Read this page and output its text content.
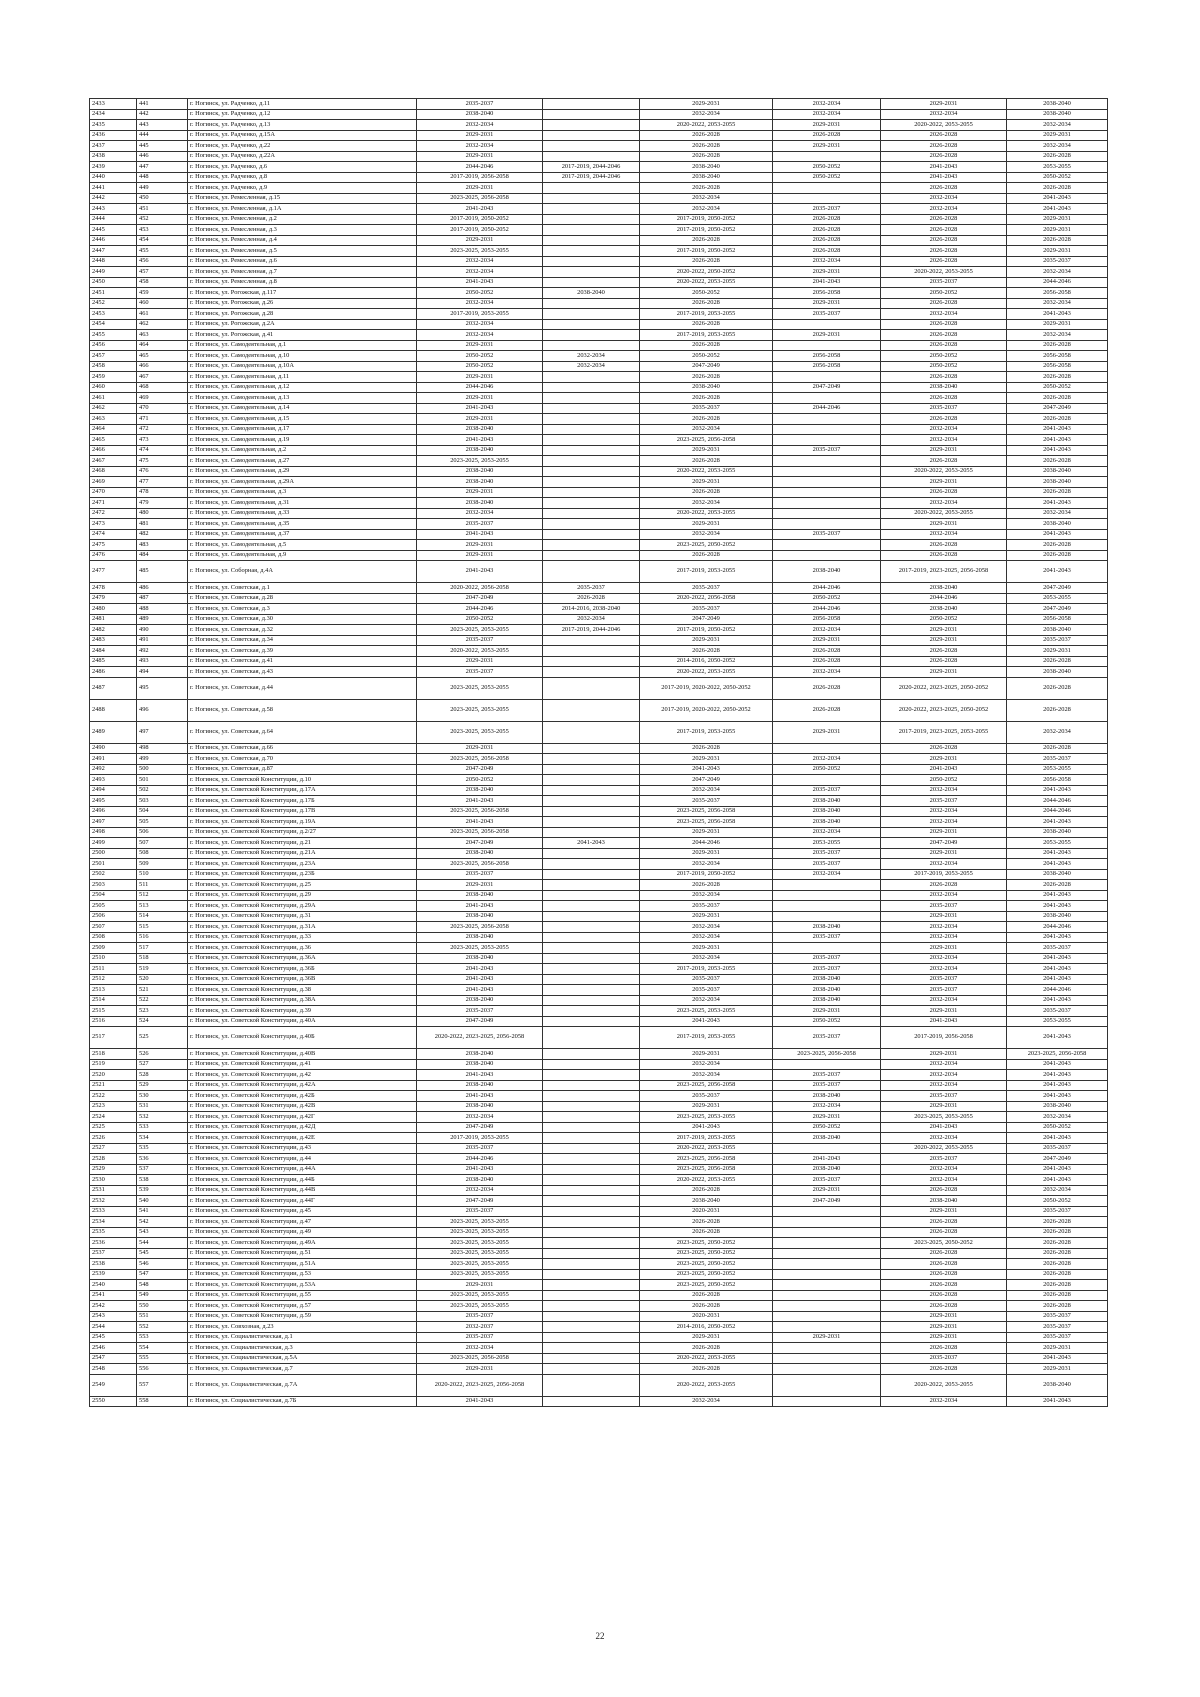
2433	441	г. Ногинск, ул. Радченко, д.11	2035-2037		2029-2031	2032-2034	2029-2031	2038-2040
2434	442	г. Ногинск, ул. Радченко, д.12	2038-2040		2032-2034	2032-2034	2032-2034	2038-2040
2435	443	г. Ногинск, ул. Радченко, д.13	2032-2034		2020-2022, 2053-2055	2029-2031	2020-2022, 2053-2055	2032-2034
2436	444	г. Ногинск, ул. Радченко, д.15А	2029-2031		2026-2028	2026-2028	2026-2028	2029-2031
2437	445	г. Ногинск, ул. Радченко, д.22	2032-2034		2026-2028	2029-2031	2026-2028	2032-2034
2438	446	г. Ногинск, ул. Радченко, д.22А	2029-2031		2026-2028		2026-2028	2026-2028
2439	447	г. Ногинск, ул. Радченко, д.6	2044-2046	2017-2019, 2044-2046	2038-2040	2050-2052	2041-2043	2053-2055
2440	448	г. Ногинск, ул. Радченко, д.8	2017-2019, 2056-2058	2017-2019, 2044-2046	2038-2040	2050-2052	2041-2043	2050-2052
2441	449	г. Ногинск, ул. Радченко, д.9	2029-2031		2026-2028		2026-2028	2026-2028
2442	450	г. Ногинск, ул. Ремесленная, д.15	2023-2025, 2056-2058		2032-2034		2032-2034	2041-2043
2443	451	г. Ногинск, ул. Ремесленная, д.1А	2041-2043		2032-2034	2035-2037	2032-2034	2041-2043
2444	452	г. Ногинск, ул. Ремесленная, д.2	2017-2019, 2050-2052		2017-2019, 2050-2052	2026-2028	2026-2028	2029-2031
2445	453	г. Ногинск, ул. Ремесленная, д.3	2017-2019, 2050-2052		2017-2019, 2050-2052	2026-2028	2026-2028	2029-2031
2446	454	г. Ногинск, ул. Ремесленная, д.4	2029-2031		2026-2028	2026-2028	2026-2028	2026-2028
2447	455	г. Ногинск, ул. Ремесленная, д.5	2023-2025, 2053-2055		2017-2019, 2050-2052	2026-2028	2026-2028	2029-2031
2448	456	г. Ногинск, ул. Ремесленная, д.6	2032-2034		2026-2028	2032-2034	2026-2028	2035-2037
2449	457	г. Ногинск, ул. Ремесленная, д.7	2032-2034		2020-2022, 2050-2052	2029-2031	2020-2022, 2053-2055	2032-2034
2450	458	г. Ногинск, ул. Ремесленная, д.8	2041-2043		2020-2022, 2053-2055	2041-2043	2035-2037	2044-2046
2451	459	г. Ногинск, ул. Рогожская, д.117	2050-2052	2038-2040	2050-2052	2056-2058	2050-2052	2056-2058
2452	460	г. Ногинск, ул. Рогожская, д.26	2032-2034		2026-2028	2029-2031	2026-2028	2032-2034
2453	461	г. Ногинск, ул. Рогожская, д.28	2017-2019, 2053-2055		2017-2019, 2053-2055	2035-2037	2032-2034	2041-2043
2454	462	г. Ногинск, ул. Рогожская, д.2А	2032-2034		2026-2028		2026-2028	2029-2031
2455	463	г. Ногинск, ул. Рогожская, д.41	2032-2034		2017-2019, 2053-2055	2029-2031	2026-2028	2032-2034
2456	464	г. Ногинск, ул. Самодеятельная, д.1	2029-2031		2026-2028		2026-2028	2026-2028
2457	465	г. Ногинск, ул. Самодеятельная, д.10	2050-2052	2032-2034	2050-2052	2056-2058	2050-2052	2056-2058
2458	466	г. Ногинск, ул. Самодеятельная, д.10А	2050-2052	2032-2034	2047-2049	2056-2058	2050-2052	2056-2058
2459	467	г. Ногинск, ул. Самодеятельная, д.11	2029-2031		2026-2028		2026-2028	2026-2028
2460	468	г. Ногинск, ул. Самодеятельная, д.12	2044-2046		2038-2040	2047-2049	2038-2040	2050-2052
2461	469	г. Ногинск, ул. Самодеятельная, д.13	2029-2031		2026-2028		2026-2028	2026-2028
2462	470	г. Ногинск, ул. Самодеятельная, д.14	2041-2043		2035-2037	2044-2046	2035-2037	2047-2049
2463	471	г. Ногинск, ул. Самодеятельная, д.15	2029-2031		2026-2028		2026-2028	2026-2028
2464	472	г. Ногинск, ул. Самодеятельная, д.17	2038-2040		2032-2034		2032-2034	2041-2043
2465	473	г. Ногинск, ул. Самодеятельная, д.19	2041-2043		2023-2025, 2056-2058		2032-2034	2041-2043
2466	474	г. Ногинск, ул. Самодеятельная, д.2	2038-2040		2029-2031	2035-2037	2029-2031	2041-2043
2467	475	г. Ногинск, ул. Самодеятельная, д.27	2023-2025, 2053-2055		2026-2028		2026-2028	2026-2028
2468	476	г. Ногинск, ул. Самодеятельная, д.29	2038-2040		2020-2022, 2053-2055		2020-2022, 2053-2055	2038-2040
2469	477	г. Ногинск, ул. Самодеятельная, д.29А	2038-2040		2029-2031		2029-2031	2038-2040
2470	478	г. Ногинск, ул. Самодеятельная, д.3	2029-2031		2026-2028		2026-2028	2026-2028
2471	479	г. Ногинск, ул. Самодеятельная, д.31	2038-2040		2032-2034		2032-2034	2041-2043
2472	480	г. Ногинск, ул. Самодеятельная, д.33	2032-2034		2020-2022, 2053-2055		2020-2022, 2053-2055	2032-2034
2473	481	г. Ногинск, ул. Самодеятельная, д.35	2035-2037		2029-2031		2029-2031	2038-2040
2474	482	г. Ногинск, ул. Самодеятельная, д.37	2041-2043		2032-2034	2035-2037	2032-2034	2041-2043
2475	483	г. Ногинск, ул. Самодеятельная, д.5	2029-2031		2023-2025, 2050-2052		2026-2028	2026-2028
2476	484	г. Ногинск, ул. Самодеятельная, д.9	2029-2031		2026-2028		2026-2028	2026-2028
2477	485	г. Ногинск, ул. Соборная, д.4А	2041-2043		2017-2019, 2053-2055	2038-2040	2017-2019, 2023-2025, 2056-2058	2041-2043
2478	486	г. Ногинск, ул. Советская, д.1	2020-2022, 2056-2058	2035-2037	2035-2037	2044-2046	2038-2040	2047-2049
2479	487	г. Ногинск, ул. Советская, д.28	2047-2049	2026-2028	2020-2022, 2056-2058	2050-2052	2044-2046	2053-2055
2480	488	г. Ногинск, ул. Советская, д.3	2044-2046	2014-2016, 2038-2040	2035-2037	2044-2046	2038-2040	2047-2049
2481	489	г. Ногинск, ул. Советская, д.30	2050-2052	2032-2034	2047-2049	2056-2058	2050-2052	2056-2058
2482	490	г. Ногинск, ул. Советская, д.32	2023-2025, 2053-2055	2017-2019, 2044-2046	2017-2019, 2050-2052	2032-2034	2029-2031	2038-2040
2483	491	г. Ногинск, ул. Советская, д.34	2035-2037		2029-2031	2029-2031	2029-2031	2035-2037
2484	492	г. Ногинск, ул. Советская, д.39	2020-2022, 2053-2055		2026-2028	2026-2028	2026-2028	2029-2031
2485	493	г. Ногинск, ул. Советская, д.41	2029-2031		2014-2016, 2050-2052	2026-2028	2026-2028	2026-2028
2486	494	г. Ногинск, ул. Советская, д.43	2035-2037		2020-2022, 2053-2055	2032-2034	2029-2031	2038-2040
2487	495	г. Ногинск, ул. Советская, д.44	2023-2025, 2053-2055		2017-2019, 2020-2022, 2050-2052	2026-2028	2020-2022, 2023-2025, 2050-2052	2026-2028
2488	496	г. Ногинск, ул. Советская, д.58	2023-2025, 2053-2055		2017-2019, 2020-2022, 2050-2052	2026-2028	2020-2022, 2023-2025, 2050-2052	2026-2028
2489	497	г. Ногинск, ул. Советская, д.64	2023-2025, 2053-2055		2017-2019, 2053-2055	2029-2031	2017-2019, 2023-2025, 2053-2055	2032-2034
2490	498	г. Ногинск, ул. Советская, д.66	2029-2031		2026-2028		2026-2028	2026-2028
2491	499	г. Ногинск, ул. Советская, д.70	2023-2025, 2056-2058		2029-2031	2032-2034	2029-2031	2035-2037
2492	500	г. Ногинск, ул. Советская, д.87	2047-2049		2041-2043	2050-2052	2041-2043	2053-2055
2493	501	г. Ногинск, ул. Советской Конституции, д.10	2050-2052		2047-2049		2050-2052	2056-2058
2494	502	г. Ногинск, ул. Советской Конституции, д.17А	2038-2040		2032-2034	2035-2037	2032-2034	2041-2043
2495	503	г. Ногинск, ул. Советской Конституции, д.17Б	2041-2043		2035-2037	2038-2040	2035-2037	2044-2046
2496	504	г. Ногинск, ул. Советской Конституции, д.17В	2023-2025, 2056-2058		2023-2025, 2056-2058	2038-2040	2032-2034	2044-2046
2497	505	г. Ногинск, ул. Советской Конституции, д.19А	2041-2043		2023-2025, 2056-2058	2038-2040	2032-2034	2041-2043
2498	506	г. Ногинск, ул. Советской Конституции, д.2/27	2023-2025, 2056-2058		2029-2031	2032-2034	2029-2031	2038-2040
2499	507	г. Ногинск, ул. Советской Конституции, д.21	2047-2049	2041-2043	2044-2046	2053-2055	2047-2049	2053-2055
2500	508	г. Ногинск, ул. Советской Конституции, д.21А	2038-2040		2029-2031	2035-2037	2029-2031	2041-2043
2501	509	г. Ногинск, ул. Советской Конституции, д.23А	2023-2025, 2056-2058		2032-2034	2035-2037	2032-2034	2041-2043
2502	510	г. Ногинск, ул. Советской Конституции, д.23Б	2035-2037		2017-2019, 2050-2052	2032-2034	2017-2019, 2053-2055	2038-2040
2503	511	г. Ногинск, ул. Советской Конституции, д.25	2029-2031		2026-2028		2026-2028	2026-2028
2504	512	г. Ногинск, ул. Советской Конституции, д.29	2038-2040		2032-2034		2032-2034	2041-2043
2505	513	г. Ногинск, ул. Советской Конституции, д.29А	2041-2043		2035-2037		2035-2037	2041-2043
2506	514	г. Ногинск, ул. Советской Конституции, д.31	2038-2040		2029-2031		2029-2031	2038-2040
2507	515	г. Ногинск, ул. Советской Конституции, д.31А	2023-2025, 2056-2058		2032-2034	2038-2040	2032-2034	2044-2046
2508	516	г. Ногинск, ул. Советской Конституции, д.33	2038-2040		2032-2034	2035-2037	2032-2034	2041-2043
2509	517	г. Ногинск, ул. Советской Конституции, д.36	2023-2025, 2053-2055		2029-2031		2029-2031	2035-2037
2510	518	г. Ногинск, ул. Советской Конституции, д.36А	2038-2040		2032-2034	2035-2037	2032-2034	2041-2043
2511	519	г. Ногинск, ул. Советской Конституции, д.36Б	2041-2043		2017-2019, 2053-2055	2035-2037	2032-2034	2041-2043
2512	520	г. Ногинск, ул. Советской Конституции, д.36В	2041-2043		2035-2037	2038-2040	2035-2037	2041-2043
2513	521	г. Ногинск, ул. Советской Конституции, д.38	2041-2043		2035-2037	2038-2040	2035-2037	2044-2046
2514	522	г. Ногинск, ул. Советской Конституции, д.38А	2038-2040		2032-2034	2038-2040	2032-2034	2041-2043
2515	523	г. Ногинск, ул. Советской Конституции, д.39	2035-2037		2023-2025, 2053-2055	2029-2031	2029-2031	2035-2037
2516	524	г. Ногинск, ул. Советской Конституции, д.40А	2047-2049		2041-2043	2050-2052	2041-2043	2053-2055
2517	525	г. Ногинск, ул. Советской Конституции, д.40Б	2020-2022, 2023-2025, 2056-2058		2017-2019, 2053-2055	2035-2037	2017-2019, 2056-2058	2041-2043
2518	526	г. Ногинск, ул. Советской Конституции, д.40В	2038-2040		2029-2031	2023-2025, 2056-2058	2029-2031	2023-2025, 2056-2058
2519	527	г. Ногинск, ул. Советской Конституции, д.41	2038-2040		2032-2034		2032-2034	2041-2043
2520	528	г. Ногинск, ул. Советской Конституции, д.42	2041-2043		2032-2034	2035-2037	2032-2034	2041-2043
2521	529	г. Ногинск, ул. Советской Конституции, д.42А	2038-2040		2023-2025, 2056-2058	2035-2037	2032-2034	2041-2043
2522	530	г. Ногинск, ул. Советской Конституции, д.42Б	2041-2043		2035-2037	2038-2040	2035-2037	2041-2043
2523	531	г. Ногинск, ул. Советской Конституции, д.42В	2038-2040		2029-2031	2032-2034	2029-2031	2038-2040
2524	532	г. Ногинск, ул. Советской Конституции, д.42Г	2032-2034		2023-2025, 2053-2055	2029-2031	2023-2025, 2053-2055	2032-2034
2525	533	г. Ногинск, ул. Советской Конституции, д.42Д	2047-2049		2041-2043	2050-2052	2041-2043	2050-2052
2526	534	г. Ногинск, ул. Советской Конституции, д.42Е	2017-2019, 2053-2055		2017-2019, 2053-2055	2038-2040	2032-2034	2041-2043
2527	535	г. Ногинск, ул. Советской Конституции, д.43	2035-2037		2020-2022, 2053-2055		2020-2022, 2053-2055	2035-2037
2528	536	г. Ногинск, ул. Советской Конституции, д.44	2044-2046		2023-2025, 2056-2058	2041-2043	2035-2037	2047-2049
2529	537	г. Ногинск, ул. Советской Конституции, д.44А	2041-2043		2023-2025, 2056-2058	2038-2040	2032-2034	2041-2043
2530	538	г. Ногинск, ул. Советской Конституции, д.44Б	2038-2040		2020-2022, 2053-2055	2035-2037	2032-2034	2041-2043
2531	539	г. Ногинск, ул. Советской Конституции, д.44В	2032-2034		2026-2028	2029-2031	2026-2028	2032-2034
2532	540	г. Ногинск, ул. Советской Конституции, д.44Г	2047-2049		2038-2040	2047-2049	2038-2040	2050-2052
2533	541	г. Ногинск, ул. Советской Конституции, д.45	2035-2037		2020-2031		2029-2031	2035-2037
2534	542	г. Ногинск, ул. Советской Конституции, д.47	2023-2025, 2053-2055		2026-2028		2026-2028	2026-2028
2535	543	г. Ногинск, ул. Советской Конституции, д.49	2023-2025, 2053-2055		2026-2028		2026-2028	2026-2028
2536	544	г. Ногинск, ул. Советской Конституции, д.49А	2023-2025, 2053-2055		2023-2025, 2050-2052		2023-2025, 2050-2052	2026-2028
2537	545	г. Ногинск, ул. Советской Конституции, д.51	2023-2025, 2053-2055		2023-2025, 2050-2052		2026-2028	2026-2028
2538	546	г. Ногинск, ул. Советской Конституции, д.51А	2023-2025, 2053-2055		2023-2025, 2050-2052		2026-2028	2026-2028
2539	547	г. Ногинск, ул. Советской Конституции, д.53	2023-2025, 2053-2055		2023-2025, 2050-2052		2026-2028	2026-2028
2540	548	г. Ногинск, ул. Советской Конституции, д.53А	2029-2031		2023-2025, 2050-2052		2026-2028	2026-2028
2541	549	г. Ногинск, ул. Советской Конституции, д.55	2023-2025, 2053-2055		2026-2028		2026-2028	2026-2028
2542	550	г. Ногинск, ул. Советской Конституции, д.57	2023-2025, 2053-2055		2026-2028		2026-2028	2026-2028
2543	551	г. Ногинск, ул. Советской Конституции, д.59	2035-2037		2020-2031		2029-2031	2035-2037
2544	552	г. Ногинск, ул. Совхозная, д.23	2032-2037		2014-2016, 2050-2052		2029-2031	2035-2037
2545	553	г. Ногинск, ул. Социалистическая, д.1	2035-2037		2029-2031	2029-2031	2029-2031	2035-2037
2546	554	г. Ногинск, ул. Социалистическая, д.3	2032-2034		2026-2028		2026-2028	2029-2031
2547	555	г. Ногинск, ул. Социалистическая, д.5А	2023-2025, 2056-2058		2020-2022, 2053-2055		2035-2037	2041-2043
2548	556	г. Ногинск, ул. Социалистическая, д.7	2029-2031		2026-2028		2026-2028	2029-2031
2549	557	г. Ногинск, ул. Социалистическая, д.7А	2020-2022, 2023-2025, 2056-2058		2020-2022, 2053-2055		2020-2022, 2053-2055	2038-2040
2550	558	г. Ногинск, ул. Социалистическая, д.7Б	2041-2043		2032-2034		2032-2034	2041-2043
22
